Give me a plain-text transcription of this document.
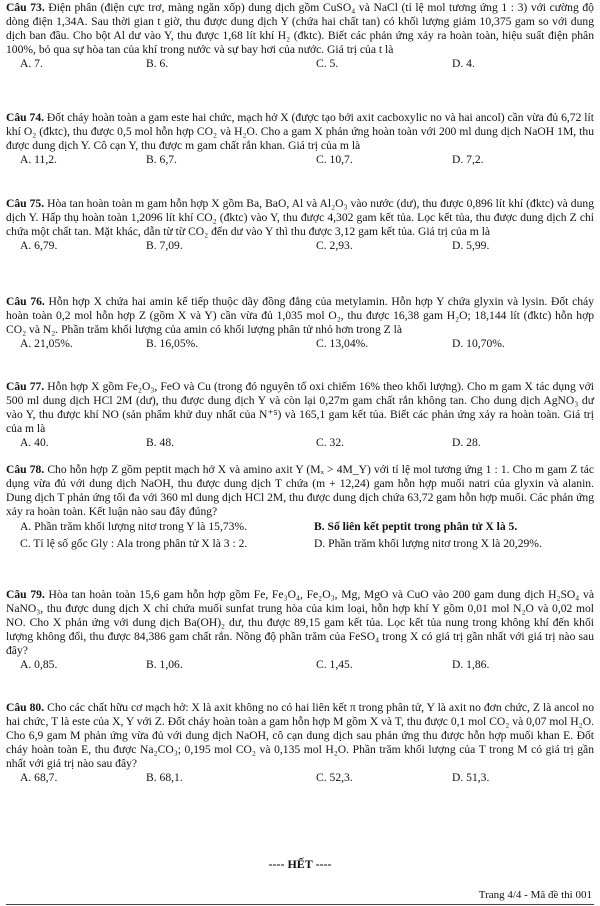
Câu 73. Điện phân (điện cực trơ, màng ngăn xốp) dung dịch gồm CuSO₄ và NaCl (tỉ lệ mol tương ứng 1 : 3) với cường độ dòng điện 1,34A. Sau thời gian t giờ, thu được dung dịch Y (chứa hai chất tan) có khối lượng giảm 10,375 gam so với dung dịch ban đầu. Cho bột Al dư vào Y, thu được 1,68 lít khí H₂ (đktc). Biết các phản ứng xảy ra hoàn toàn, hiệu suất điện phân 100%, bỏ qua sự hòa tan của khí trong nước và sự bay hơi của nước. Giá trị của t là

A. 7.	B. 6.	C. 5.	D. 4.

Câu 74. Đốt cháy hoàn toàn a gam este hai chức, mạch hở X (được tạo bởi axit cacboxylic no và hai ancol) cần vừa đủ 6,72 lít khí O₂ (đktc), thu được 0,5 mol hỗn hợp CO₂ và H₂O. Cho a gam X phản ứng hoàn toàn với 200 ml dung dịch NaOH 1M, thu được dung dịch Y. Cô cạn Y, thu được m gam chất rắn khan. Giá trị của m là

A. 11,2.	B. 6,7.	C. 10,7.	D. 7,2.

Câu 75. Hòa tan hoàn toàn m gam hỗn hợp X gồm Ba, BaO, Al và Al₂O₃ vào nước (dư), thu được 0,896 lít khí (đktc) và dung dịch Y. Hấp thụ hoàn toàn 1,2096 lít khí CO₂ (đktc) vào Y, thu được 4,302 gam kết tủa. Lọc kết tủa, thu được dung dịch Z chỉ chứa một chất tan. Mặt khác, dẫn từ từ CO₂ đến dư vào Y thì thu được 3,12 gam kết tủa. Giá trị của m là

A. 6,79.	B. 7,09.	C. 2,93.	D. 5,99.

Câu 76. Hỗn hợp X chứa hai amin kế tiếp thuộc dãy đồng đẳng của metylamin. Hỗn hợp Y chứa glyxin và lysin. Đốt cháy hoàn toàn 0,2 mol hỗn hợp Z (gồm X và Y) cần vừa đủ 1,035 mol O₂, thu được 16,38 gam H₂O; 18,144 lít (đktc) hỗn hợp CO₂ và N₂. Phần trăm khối lượng của amin có khối lượng phân tử nhỏ hơn trong Z là

A. 21,05%.	B. 16,05%.	C. 13,04%.	D. 10,70%.

Câu 77. Hỗn hợp X gồm Fe₂O₃, FeO và Cu (trong đó nguyên tố oxi chiếm 16% theo khối lượng). Cho m gam X tác dụng với 500 ml dung dịch HCl 2M (dư), thu được dung dịch Y và còn lại 0,27m gam chất rắn không tan. Cho dung dịch AgNO₃ dư vào Y, thu được khí NO (sản phẩm khử duy nhất của N⁺⁵) và 165,1 gam kết tủa. Biết các phản ứng xảy ra hoàn toàn. Giá trị của m là

A. 40.	B. 48.	C. 32.	D. 28.

Câu 78. Cho hỗn hợp Z gồm peptit mạch hở X và amino axit Y (Mₓ > 4M_Y) với tỉ lệ mol tương ứng 1 : 1. Cho m gam Z tác dụng vừa đủ với dung dịch NaOH, thu được dung dịch T chứa (m + 12,24) gam hỗn hợp muối natri của glyxin và alanin. Dung dịch T phản ứng tối đa với 360 ml dung dịch HCl 2M, thu được dung dịch chứa 63,72 gam hỗn hợp muối. Các phản ứng xảy ra hoàn toàn. Kết luận nào sau đây đúng?

A. Phần trăm khối lượng nitơ trong Y là 15,73%.	B. Số liên kết peptit trong phân tử X là 5.
C. Tỉ lệ số gốc Gly : Ala trong phân tử X là 3 : 2.	D. Phần trăm khối lượng nitơ trong X là 20,29%.

Câu 79. Hòa tan hoàn toàn 15,6 gam hỗn hợp gồm Fe, Fe₃O₄, Fe₂O₃, Mg, MgO và CuO vào 200 gam dung dịch H₂SO₄ và NaNO₃, thu được dung dịch X chỉ chứa muối sunfat trung hòa của kim loại, hỗn hợp khí Y gồm 0,01 mol N₂O và 0,02 mol NO. Cho X phản ứng với dung dịch Ba(OH)₂ dư, thu được 89,15 gam kết tủa. Lọc kết tủa nung trong không khí đến khối lượng không đổi, thu được 84,386 gam chất rắn. Nồng độ phần trăm của FeSO₄ trong X có giá trị gần nhất với giá trị nào sau đây?

A. 0,85.	B. 1,06.	C. 1,45.	D. 1,86.

Câu 80. Cho các chất hữu cơ mạch hở: X là axit không no có hai liên kết π trong phân tử, Y là axit no đơn chức, Z là ancol no hai chức, T là este của X, Y với Z. Đốt cháy hoàn toàn a gam hỗn hợp M gồm X và T, thu được 0,1 mol CO₂ và 0,07 mol H₂O. Cho 6,9 gam M phản ứng vừa đủ với dung dịch NaOH, cô cạn dung dịch sau phản ứng thu được hỗn hợp muối khan E. Đốt cháy hoàn toàn E, thu được Na₂CO₃; 0,195 mol CO₂ và 0,135 mol H₂O. Phần trăm khối lượng của T trong M có giá trị gần nhất với giá trị nào sau đây?

A. 68,7.	B. 68,1.	C. 52,3.	D. 51,3.
---- HẾT ----
Trang 4/4 - Mã đề thi 001
